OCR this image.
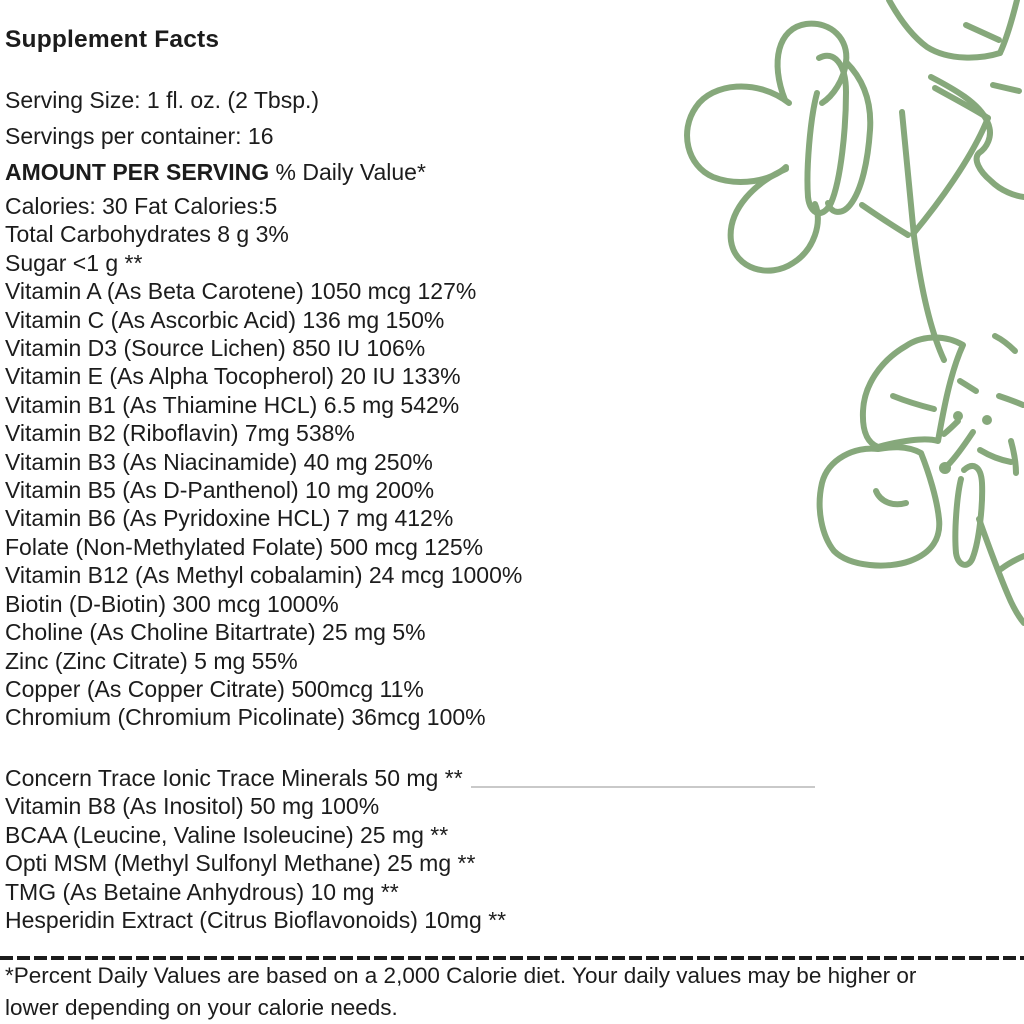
Supplement Facts
Serving Size: 1 fl. oz. (2 Tbsp.)
Servings per container: 16
AMOUNT PER SERVING % Daily Value*
Calories: 30 Fat Calories:5
Total Carbohydrates 8 g 3%
Sugar <1 g **
Vitamin A (As Beta Carotene) 1050 mcg 127%
Vitamin C (As Ascorbic Acid) 136 mg 150%
Vitamin D3 (Source Lichen) 850 IU 106%
Vitamin E (As Alpha Tocopherol) 20 IU 133%
Vitamin B1 (As Thiamine HCL) 6.5 mg 542%
Vitamin B2 (Riboflavin) 7mg 538%
Vitamin B3 (As Niacinamide) 40 mg 250%
Vitamin B5 (As D-Panthenol) 10 mg 200%
Vitamin B6 (As Pyridoxine HCL) 7 mg 412%
Folate (Non-Methylated Folate) 500 mcg 125%
Vitamin B12 (As Methyl cobalamin) 24 mcg 1000%
Biotin (D-Biotin) 300 mcg 1000%
Choline (As Choline Bitartrate) 25 mg 5%
Zinc (Zinc Citrate) 5 mg 55%
Copper (As Copper Citrate) 500mcg 11%
Chromium (Chromium Picolinate) 36mcg 100%
Concern Trace Ionic Trace Minerals 50 mg **
Vitamin B8 (As Inositol) 50 mg 100%
BCAA (Leucine, Valine Isoleucine) 25 mg **
Opti MSM (Methyl Sulfonyl Methane) 25 mg **
TMG (As Betaine Anhydrous) 10 mg **
Hesperidin Extract (Citrus Bioflavonoids) 10mg **
*Percent Daily Values are based on a 2,000 Calorie diet. Your daily values may be higher or
lower depending on your calorie needs.
